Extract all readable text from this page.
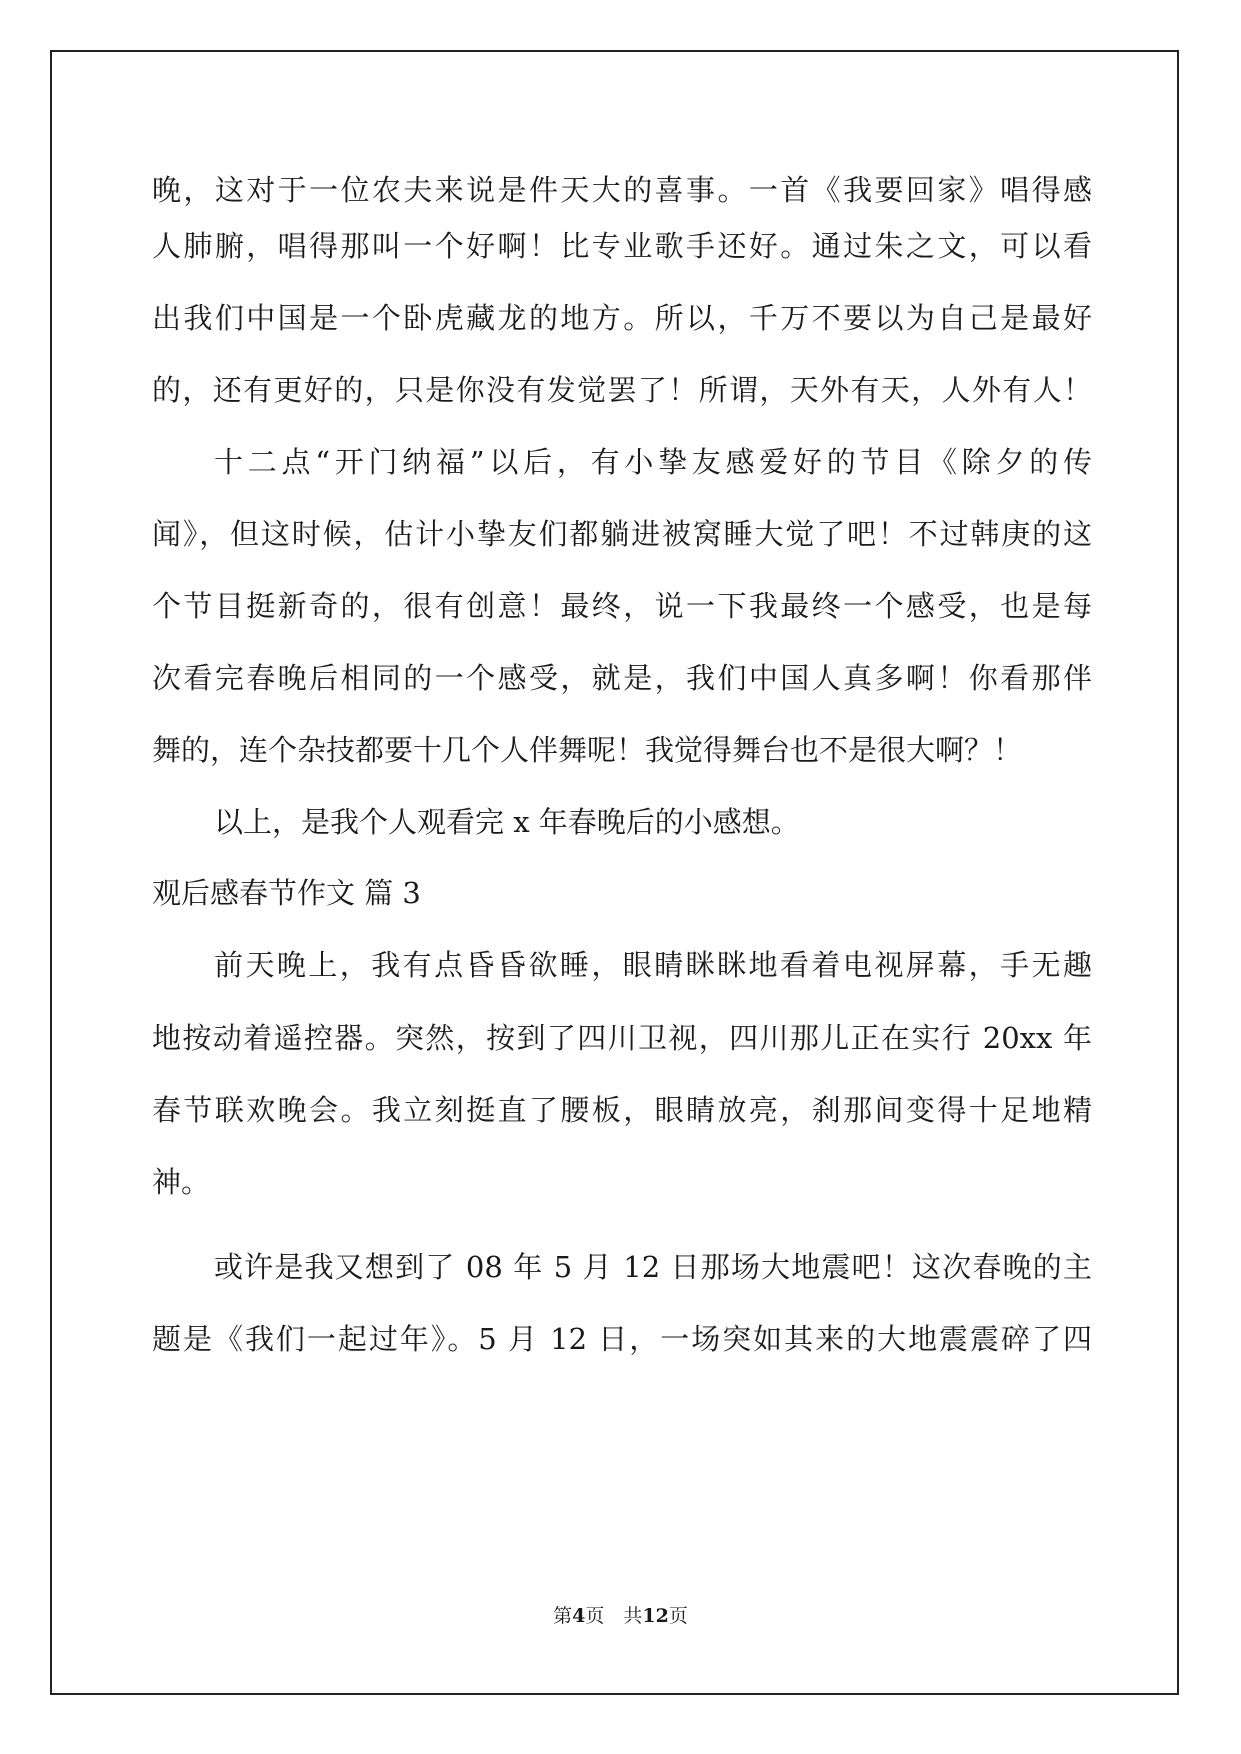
晚，这对于一位农夫来说是件天大的喜事。一首《我要回家》唱得感
人肺腑，唱得那叫一个好啊！比专业歌手还好。通过朱之文，可以看
出我们中国是一个卧虎藏龙的地方。所以，千万不要以为自己是最好
的，还有更好的，只是你没有发觉罢了！所谓，天外有天，人外有人！
十二点“开门纳福”以后，有小挚友感爱好的节目《除夕的传
闻》，但这时候，估计小挚友们都躺进被窝睡大觉了吧！不过韩庚的这
个节目挺新奇的，很有创意！最终，说一下我最终一个感受，也是每
次看完春晚后相同的一个感受，就是，我们中国人真多啊！你看那伴
舞的，连个杂技都要十几个人伴舞呢！我觉得舞台也不是很大啊？！
以上，是我个人观看完 x 年春晚后的小感想。
观后感春节作文 篇 3
前天晚上，我有点昏昏欲睡，眼睛眯眯地看着电视屏幕，手无趣
地按动着遥控器。突然，按到了四川卫视，四川那儿正在实行 20xx 年
春节联欢晚会。我立刻挺直了腰板，眼睛放亮，刹那间变得十足地精
神。
或许是我又想到了 08 年 5 月 12 日那场大地震吧！这次春晚的主
题是《我们一起过年》。5 月 12 日，一场突如其来的大地震震碎了四
第4页　共12页
